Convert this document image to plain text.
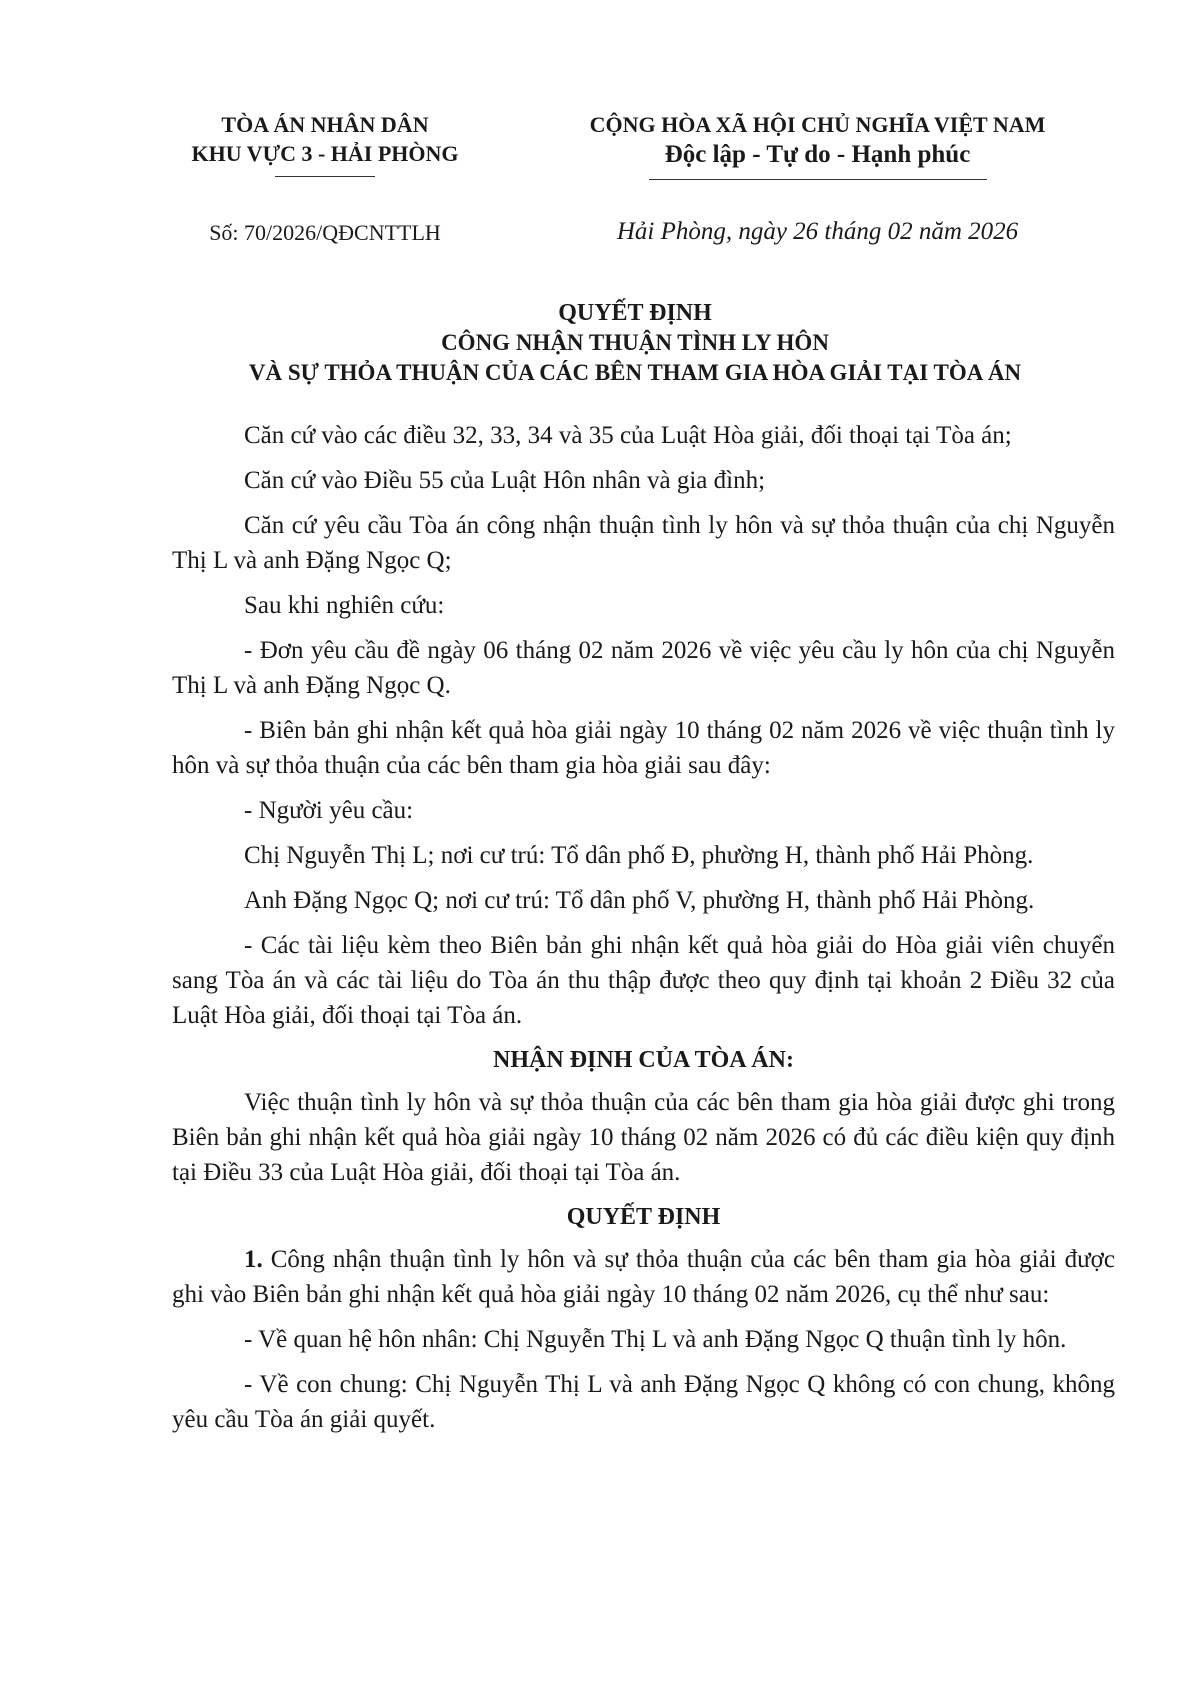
TÒA ÁN NHÂN DÂN
KHU VỰC 3 - HẢI PHÒNG
CỘNG HÒA XÃ HỘI CHỦ NGHĨA VIỆT NAM
Độc lập - Tự do - Hạnh phúc
Số: 70/2026/QĐCNTTLH	Hải Phòng, ngày 26 tháng 02 năm 2026
QUYẾT ĐỊNH
CÔNG NHẬN THUẬN TÌNH LY HÔN
VÀ SỰ THỎA THUẬN CỦA CÁC BÊN THAM GIA HÒA GIẢI TẠI TÒA ÁN

Căn cứ vào các điều 32, 33, 34 và 35 của Luật Hòa giải, đối thoại tại Tòa án;

Căn cứ vào Điều 55 của Luật Hôn nhân và gia đình;

Căn cứ yêu cầu Tòa án công nhận thuận tình ly hôn và sự thỏa thuận của chị Nguyễn Thị L và anh Đặng Ngọc Q;

Sau khi nghiên cứu:

- Đơn yêu cầu đề ngày 06 tháng 02 năm 2026 về việc yêu cầu ly hôn của chị Nguyễn Thị L và anh Đặng Ngọc Q.

- Biên bản ghi nhận kết quả hòa giải ngày 10 tháng 02 năm 2026 về việc thuận tình ly hôn và sự thỏa thuận của các bên tham gia hòa giải sau đây:

- Người yêu cầu:

Chị Nguyễn Thị L; nơi cư trú: Tổ dân phố Đ, phường H, thành phố Hải Phòng.

Anh Đặng Ngọc Q; nơi cư trú: Tổ dân phố V, phường H, thành phố Hải Phòng.

- Các tài liệu kèm theo Biên bản ghi nhận kết quả hòa giải do Hòa giải viên chuyển sang Tòa án và các tài liệu do Tòa án thu thập được theo quy định tại khoản 2 Điều 32 của Luật Hòa giải, đối thoại tại Tòa án.

NHẬN ĐỊNH CỦA TÒA ÁN:

Việc thuận tình ly hôn và sự thỏa thuận của các bên tham gia hòa giải được ghi trong Biên bản ghi nhận kết quả hòa giải ngày 10 tháng 02 năm 2026 có đủ các điều kiện quy định tại Điều 33 của Luật Hòa giải, đối thoại tại Tòa án.

QUYẾT ĐỊNH

1. Công nhận thuận tình ly hôn và sự thỏa thuận của các bên tham gia hòa giải được ghi vào Biên bản ghi nhận kết quả hòa giải ngày 10 tháng 02 năm 2026, cụ thể như sau:

- Về quan hệ hôn nhân: Chị Nguyễn Thị L và anh Đặng Ngọc Q thuận tình ly hôn.

- Về con chung: Chị Nguyễn Thị L và anh Đặng Ngọc Q không có con chung, không yêu cầu Tòa án giải quyết.
